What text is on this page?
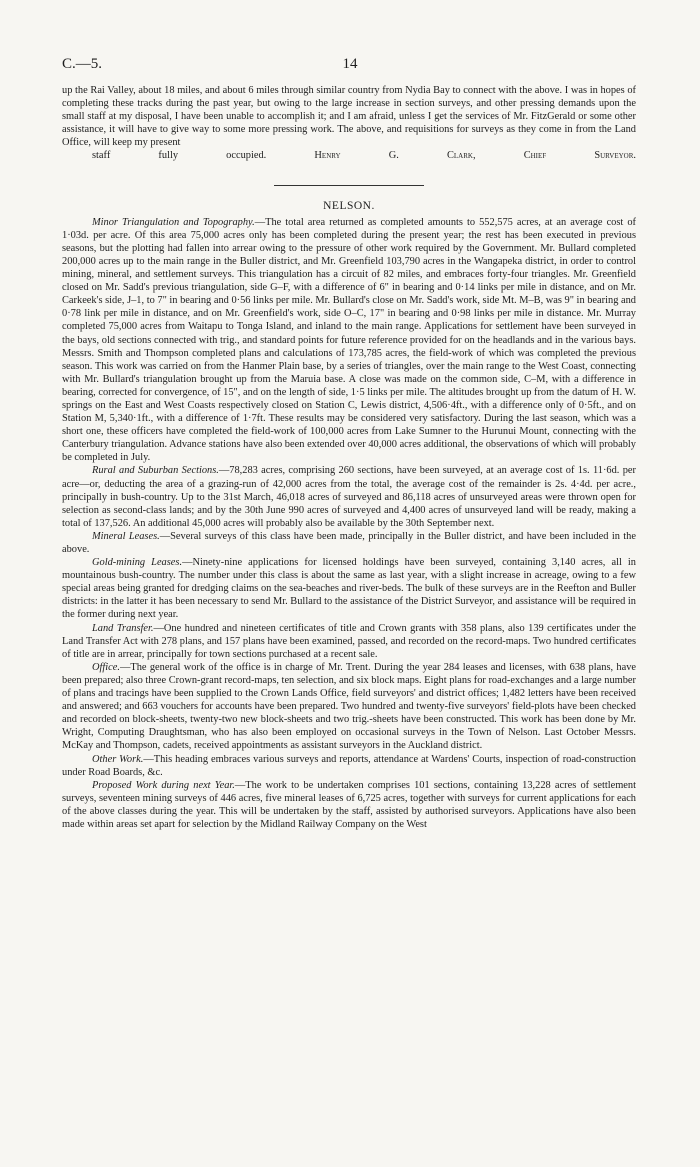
C.—5.	14

up the Rai Valley, about 18 miles, and about 6 miles through similar country from Nydia Bay to connect with the above. I was in hopes of completing these tracks during the past year, but owing to the large increase in section surveys, and other pressing demands upon the small staff at my disposal, I have been unable to accomplish it; and I am afraid, unless I get the services of Mr. FitzGerald or some other assistance, it will have to give way to some more pressing work. The above, and requisitions for surveys as they come in from the Land Office, will keep my present

staff fully occupied.	Henry G. Clark, Chief Surveyor.

NELSON.

Minor Triangulation and Topography.—The total area returned as completed amounts to 552,575 acres, at an average cost of 1·03d. per acre. Of this area 75,000 acres only has been completed during the present year; the rest has been executed in previous seasons, but the plotting had fallen into arrear owing to the pressure of other work required by the Government. Mr. Bullard completed 200,000 acres up to the main range in the Buller district, and Mr. Greenfield 103,790 acres in the Wangapeka district, in order to control mining, mineral, and settlement surveys. This triangulation has a circuit of 82 miles, and embraces forty-four triangles. Mr. Greenfield closed on Mr. Sadd's previous triangulation, side G–F, with a difference of 6" in bearing and 0·14 links per mile in distance, and on Mr. Carkeek's side, J–1, to 7" in bearing and 0·56 links per mile. Mr. Bullard's close on Mr. Sadd's work, side Mt. M–B, was 9" in bearing and 0·78 link per mile in distance, and on Mr. Greenfield's work, side O–C, 17" in bearing and 0·98 links per mile in distance. Mr. Murray completed 75,000 acres from Waitapu to Tonga Island, and inland to the main range. Applications for settlement have been surveyed in the bays, old sections connected with trig., and standard points for future reference provided for on the headlands and in the various bays. Messrs. Smith and Thompson completed plans and calculations of 173,785 acres, the field-work of which was completed the previous season. This work was carried on from the Hanmer Plain base, by a series of triangles, over the main range to the West Coast, connecting with Mr. Bullard's triangulation brought up from the Maruia base. A close was made on the common side, C–M, with a difference in bearing, corrected for convergence, of 15", and on the length of side, 1·5 links per mile. The altitudes brought up from the datum of H. W. springs on the East and West Coasts respectively closed on Station C, Lewis district, 4,506·4ft., with a difference only of 0·5ft., and on Station M, 5,340·1ft., with a difference of 1·7ft. These results may be considered very satisfactory. During the last season, which was a short one, these officers have completed the field-work of 100,000 acres from Lake Sumner to the Hurunui Mount, connecting with the Canterbury triangulation. Advance stations have also been extended over 40,000 acres additional, the observations of which will probably be completed in July.

Rural and Suburban Sections.—78,283 acres, comprising 260 sections, have been surveyed, at an average cost of 1s. 11·6d. per acre—or, deducting the area of a grazing-run of 42,000 acres from the total, the average cost of the remainder is 2s. 4·4d. per acre., principally in bush-country. Up to the 31st March, 46,018 acres of surveyed and 86,118 acres of unsurveyed areas were thrown open for selection as second-class lands; and by the 30th June 990 acres of surveyed and 4,400 acres of unsurveyed land will be ready, making a total of 137,526. An additional 45,000 acres will probably also be available by the 30th September next.

Mineral Leases.—Several surveys of this class have been made, principally in the Buller district, and have been included in the above.

Gold-mining Leases.—Ninety-nine applications for licensed holdings have been surveyed, containing 3,140 acres, all in mountainous bush-country. The number under this class is about the same as last year, with a slight increase in acreage, owing to a few special areas being granted for dredging claims on the sea-beaches and river-beds. The bulk of these surveys are in the Reefton and Buller districts: in the latter it has been necessary to send Mr. Bullard to the assistance of the District Surveyor, and assistance will be required in the former during next year.

Land Transfer.—One hundred and nineteen certificates of title and Crown grants with 358 plans, also 139 certificates under the Land Transfer Act with 278 plans, and 157 plans have been examined, passed, and recorded on the record-maps. Two hundred certificates of title are in arrear, principally for town sections purchased at a recent sale.

Office.—The general work of the office is in charge of Mr. Trent. During the year 284 leases and licenses, with 638 plans, have been prepared; also three Crown-grant record-maps, ten selection, and six block maps. Eight plans for road-exchanges and a large number of plans and tracings have been supplied to the Crown Lands Office, field surveyors' and district offices; 1,482 letters have been received and answered; and 663 vouchers for accounts have been prepared. Two hundred and twenty-five surveyors' field-plots have been checked and recorded on block-sheets, twenty-two new block-sheets and two trig.-sheets have been constructed. This work has been done by Mr. Wright, Computing Draughtsman, who has also been employed on occasional surveys in the Town of Nelson. Last October Messrs. McKay and Thompson, cadets, received appointments as assistant surveyors in the Auckland district.

Other Work.—This heading embraces various surveys and reports, attendance at Wardens' Courts, inspection of road-construction under Road Boards, &c.

Proposed Work during next Year.—The work to be undertaken comprises 101 sections, containing 13,228 acres of settlement surveys, seventeen mining surveys of 446 acres, five mineral leases of 6,725 acres, together with surveys for current applications for each of the above classes during the year. This will be undertaken by the staff, assisted by authorised surveyors. Applications have also been made within areas set apart for selection by the Midland Railway Company on the West
